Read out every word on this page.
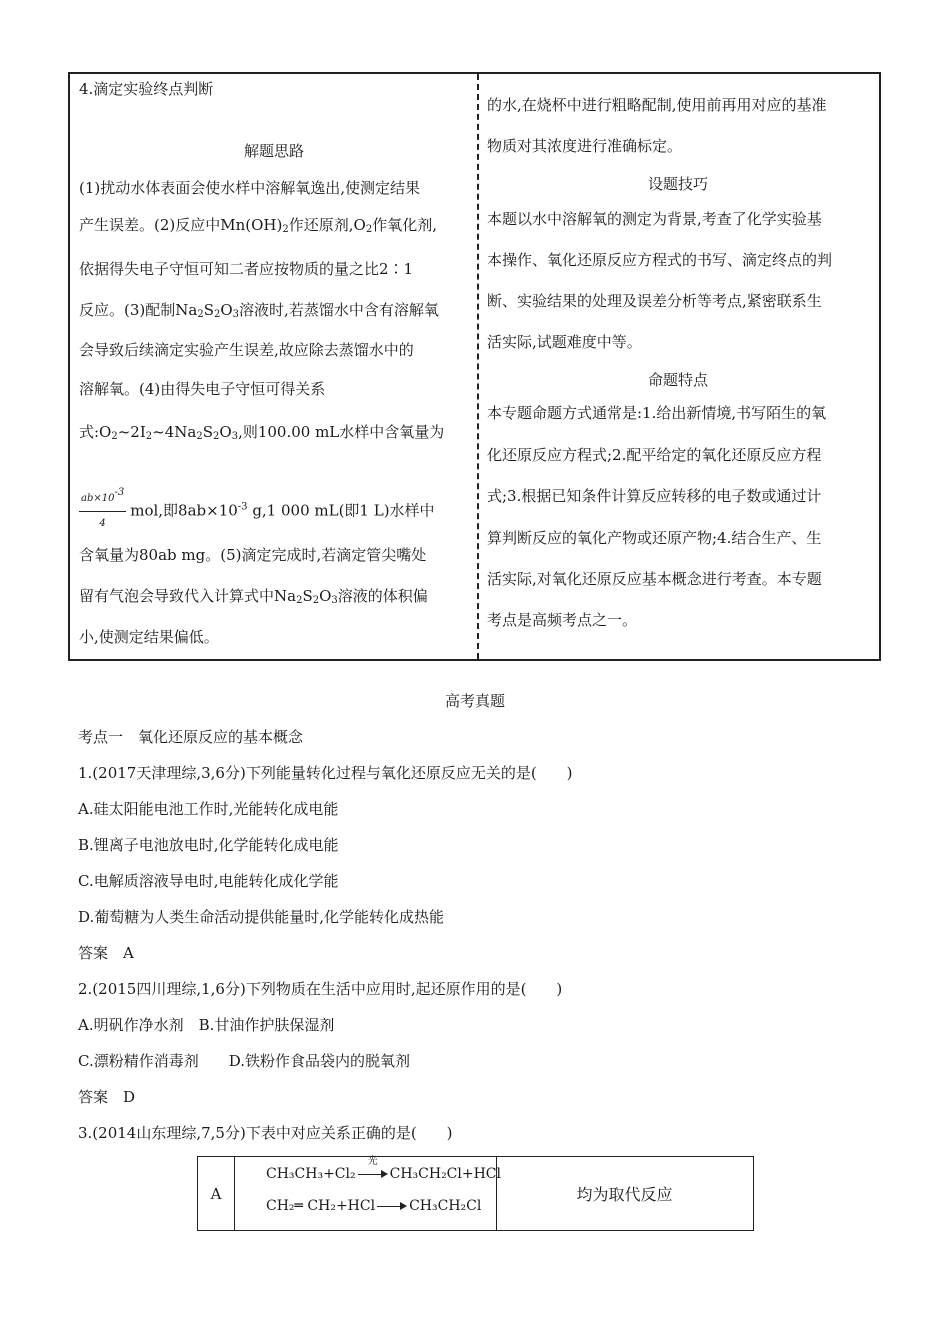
4.滴定实验终点判断
解题思路
(1)扰动水体表面会使水样中溶解氧逸出,使测定结果
产生误差。(2)反应中$Mn(OH)_2$作还原剂$,O_2$作氧化剂,
依据得失电子守恒可知二者应按物质的量之比2∶1
反应。(3)配制$Na_2S_2O_3$溶液时,若蒸馏水中含有溶解氧
会导致后续滴定实验产生误差,故应除去蒸馏水中的
溶解氧。(4)由得失电子守恒可得关系
式$:O_2\sim 2I_2\sim 4Na_2S_2O_3$,则100.00 mL水样中含氧量为
$\frac{ab\times 10^{-3}}{4}$ mol,即$8ab\times 10^{-3}$ g,1 000 mL(即1 L)水样中
含氧量为80ab mg。(5)滴定完成时,若滴定管尖嘴处
留有气泡会导致代入计算式中$Na_2S_2O_3$溶液的体积偏
小,使测定结果偏低。
的水,在烧杯中进行粗略配制,使用前再用对应的基准
物质对其浓度进行准确标定。
设题技巧
本题以水中溶解氧的测定为背景,考查了化学实验基
本操作、氧化还原反应方程式的书写、滴定终点的判
断、实验结果的处理及误差分析等考点,紧密联系生
活实际,试题难度中等。
命题特点
本专题命题方式通常是:1.给出新情境,书写陌生的氧
化还原反应方程式;2.配平给定的氧化还原反应方程
式;3.根据已知条件计算反应转移的电子数或通过计
算判断反应的氧化产物或还原产物;4.结合生产、生
活实际,对氧化还原反应基本概念进行考查。本专题
考点是高频考点之一。
高考真题
考点一　氧化还原反应的基本概念
1.(2017天津理综,3,6分)下列能量转化过程与氧化还原反应无关的是(　　)
A.硅太阳能电池工作时,光能转化成电能
B.锂离子电池放电时,化学能转化成电能
C.电解质溶液导电时,电能转化成化学能
D.葡萄糖为人类生命活动提供能量时,化学能转化成热能
答案　A
2.(2015四川理综,1,6分)下列物质在生活中应用时,起还原作用的是(　　)
A.明矾作净水剂　B.甘油作护肤保湿剂
C.漂粉精作消毒剂　　D.铁粉作食品袋内的脱氧剂
答案　D
3.(2014山东理综,7,5分)下表中对应关系正确的是(　　)
A
CH₃CH₃+Cl₂
光
CH₃CH₂Cl+HCl
CH₂═ CH₂+HCl CH₃CH₂Cl
均为取代反应
